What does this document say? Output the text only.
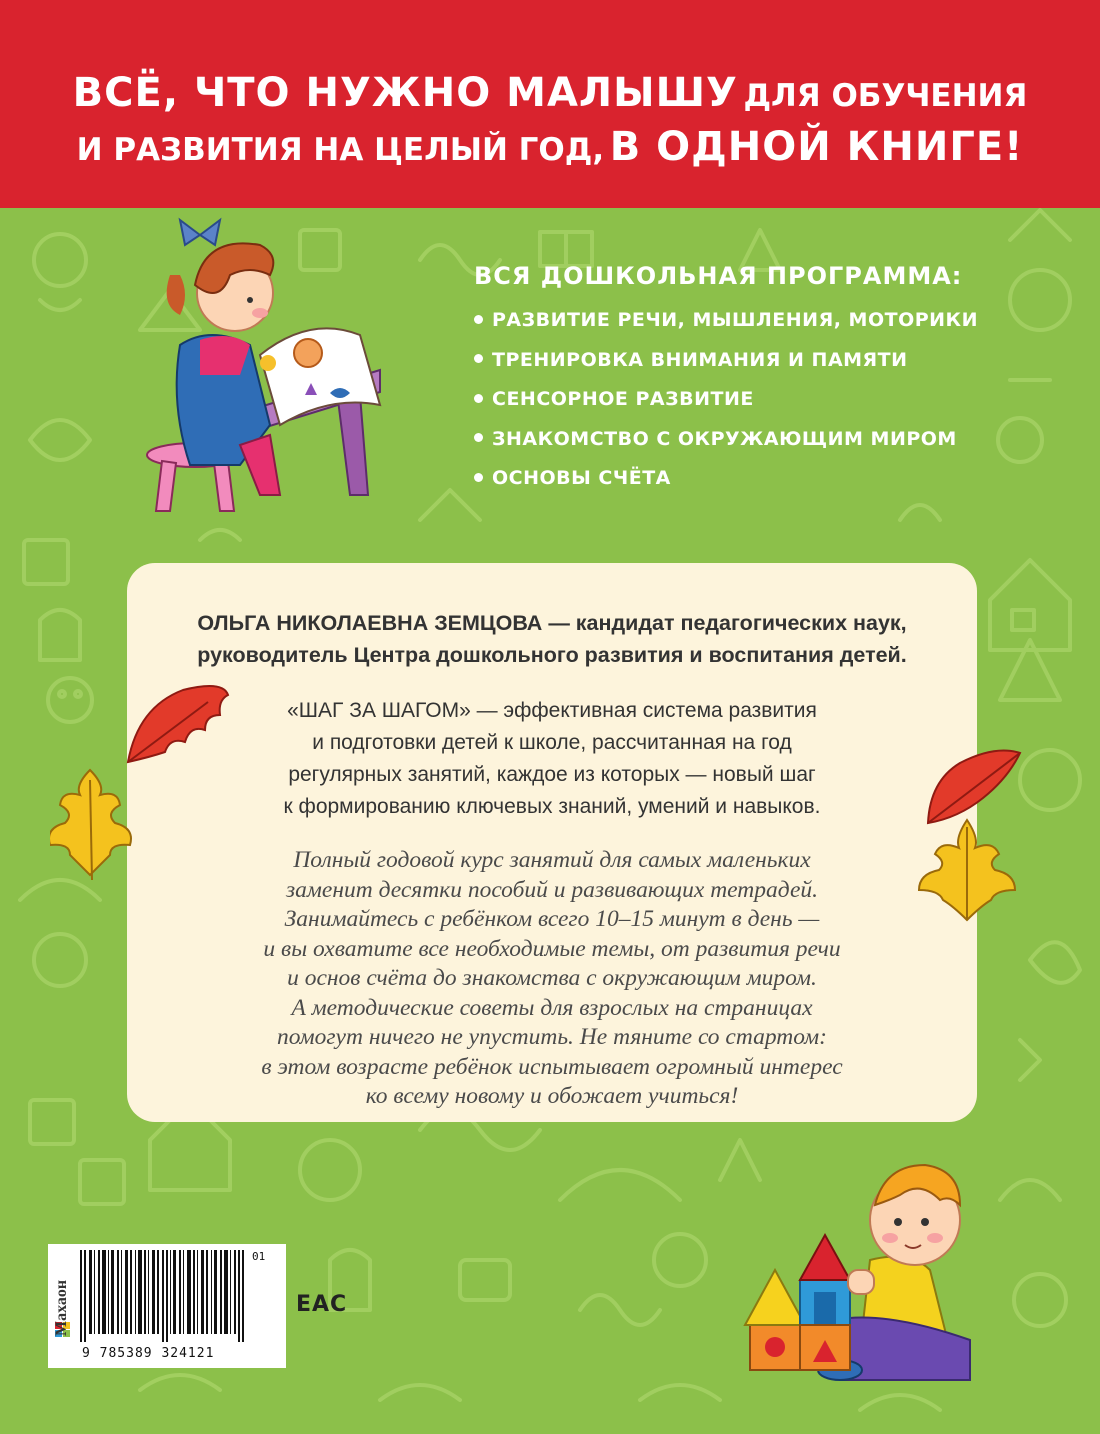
ВСЁ, ЧТО НУЖНО МАЛЫШУ ДЛЯ ОБУЧЕНИЯ
И РАЗВИТИЯ НА ЦЕЛЫЙ ГОД, В ОДНОЙ КНИГЕ!
ВСЯ ДОШКОЛЬНАЯ ПРОГРАММА:
РАЗВИТИЕ РЕЧИ, МЫШЛЕНИЯ, МОТОРИКИ
ТРЕНИРОВКА ВНИМАНИЯ И ПАМЯТИ
СЕНСОРНОЕ РАЗВИТИЕ
ЗНАКОМСТВО С ОКРУЖАЮЩИМ МИРОМ
ОСНОВЫ СЧЁТА
ОЛЬГА НИКОЛАЕВНА ЗЕМЦОВА — кандидат педагогических наук,
руководитель Центра дошкольного развития и воспитания детей.
«ШАГ ЗА ШАГОМ» — эффективная система развития
и подготовки детей к школе, рассчитанная на год
регулярных занятий, каждое из которых — новый шаг
к формированию ключевых знаний, умений и навыков.
Полный годовой курс занятий для самых маленьких
заменит десятки пособий и развивающих тетрадей.
Занимайтесь с ребёнком всего 10–15 минут в день —
и вы охватите все необходимые темы, от развития речи
и основ счёта до знакомства с окружающим миром.
А методические советы для взрослых на страницах
помогут ничего не упустить. Не тяните со стартом:
в этом возрасте ребёнок испытывает огромный интерес
ко всему новому и обожает учиться!
Махаон
9 785389 324121
01
EAC
